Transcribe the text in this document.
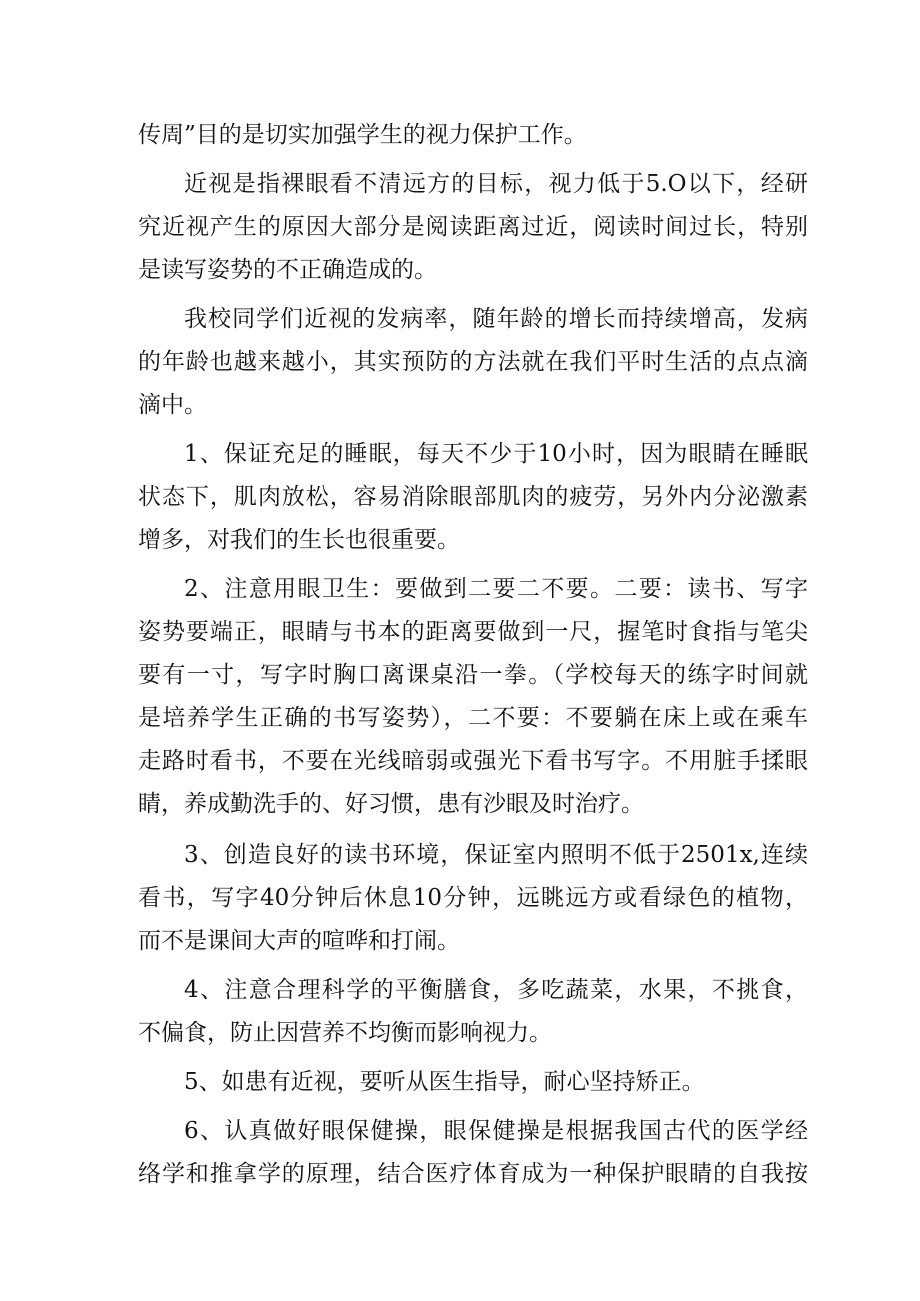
传周”目的是切实加强学生的视力保护工作。
近视是指裸眼看不清远方的目标，视力低于5.O以下，经研
究近视产生的原因大部分是阅读距离过近，阅读时间过长，特别
是读写姿势的不正确造成的。
我校同学们近视的发病率，随年龄的增长而持续增高，发病
的年龄也越来越小，其实预防的方法就在我们平时生活的点点滴
滴中。
1、保证充足的睡眠，每天不少于10小时，因为眼睛在睡眠
状态下，肌肉放松，容易消除眼部肌肉的疲劳，另外内分泌激素
增多，对我们的生长也很重要。
2、注意用眼卫生：要做到二要二不要。二要：读书、写字
姿势要端正，眼睛与书本的距离要做到一尺，握笔时食指与笔尖
要有一寸，写字时胸口离课桌沿一拳。（学校每天的练字时间就
是培养学生正确的书写姿势），二不要：不要躺在床上或在乘车
走路时看书，不要在光线暗弱或强光下看书写字。不用脏手揉眼
睛，养成勤洗手的、好习惯，患有沙眼及时治疗。
3、创造良好的读书环境，保证室内照明不低于2501x,连续
看书，写字40分钟后休息10分钟，远眺远方或看绿色的植物，
而不是课间大声的喧哗和打闹。
4、注意合理科学的平衡膳食，多吃蔬菜，水果，不挑食，
不偏食，防止因营养不均衡而影响视力。
5、如患有近视，要听从医生指导，耐心坚持矫正。
6、认真做好眼保健操，眼保健操是根据我国古代的医学经
络学和推拿学的原理，结合医疗体育成为一种保护眼睛的自我按
